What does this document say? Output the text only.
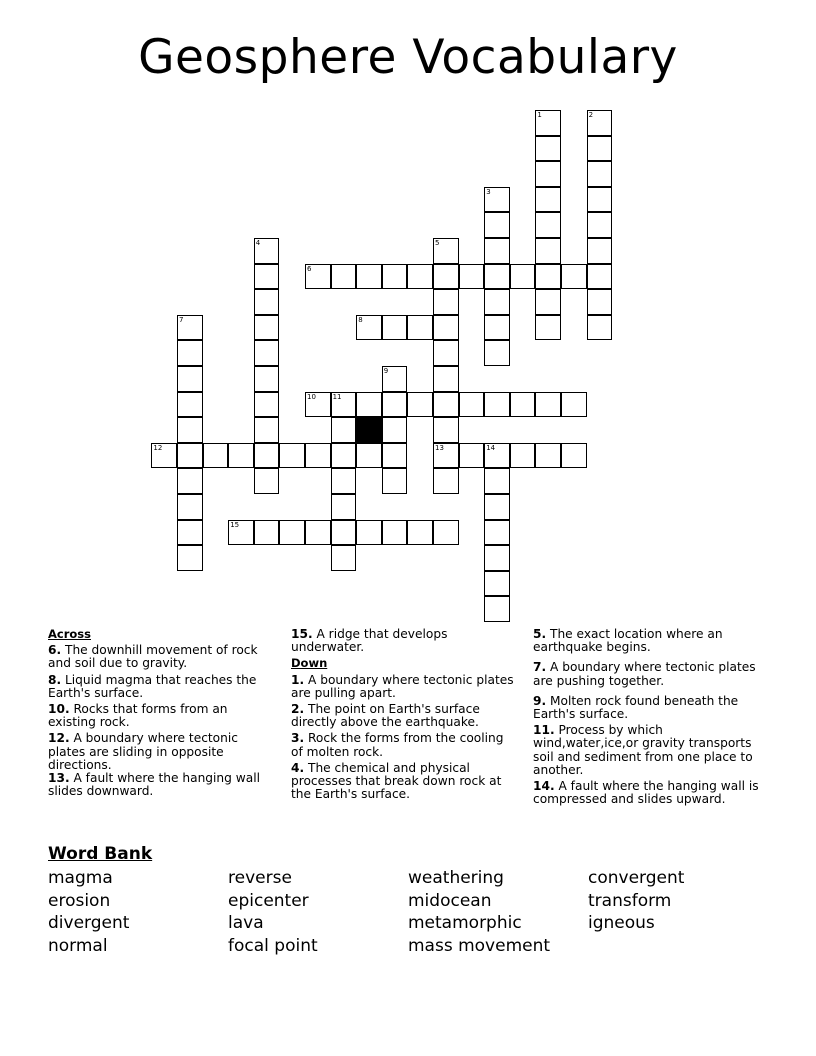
Geosphere Vocabulary
1	2
3
4	5
13
7
9
11
14
6
8
10
12
15
Across
6. The downhill movement of rock and soil due to gravity.
8. Liquid magma that reaches the Earth's surface.
10. Rocks that forms from an existing rock.
12. A boundary where tectonic plates are sliding in opposite directions.
13. A fault where the hanging wall slides downward.
15. A ridge that develops underwater.
Down
1. A boundary where tectonic plates are pulling apart.
2. The point on Earth's surface directly above the earthquake.
3. Rock the forms from the cooling of molten rock.
4. The chemical and physical processes that break down rock at the Earth's surface.
5. The exact location where an earthquake begins.
7. A boundary where tectonic plates are pushing together.
9. Molten rock found beneath the Earth's surface.
11. Process by which wind,water,ice,or gravity transports soil and sediment from one place to another.
14. A fault where the hanging wall is compressed and slides upward.
Word Bank
magma
erosion
divergent
normal
reverse
epicenter
lava
focal point
weathering
midocean
metamorphic
mass movement
convergent
transform
igneous
